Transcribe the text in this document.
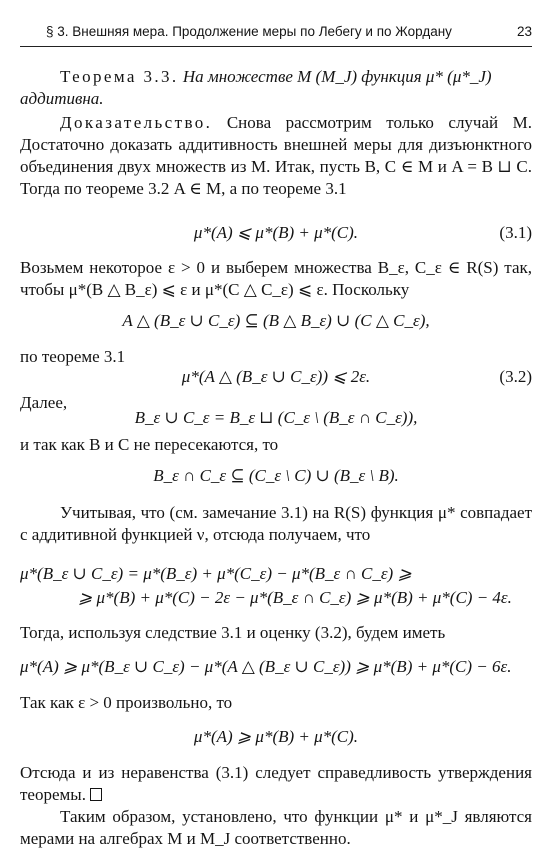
§ 3. Внешняя мера. Продолжение меры по Лебегу и по Жордану	23
Теорема 3.3. На множестве M (M_J) функция μ* (μ*_J) аддитивна.
Доказательство. Снова рассмотрим только случай M. Достаточно доказать аддитивность внешней меры для дизъюнктного объединения двух множеств из M. Итак, пусть B, C ∈ M и A = B ⊔ C. Тогда по теореме 3.2 A ∈ M, а по теореме 3.1
μ*(A) ⩽ μ*(B) + μ*(C).	(3.1)
Возьмем некоторое ε > 0 и выберем множества B_ε, C_ε ∈ R(S) так, чтобы μ*(B △ B_ε) ⩽ ε и μ*(C △ C_ε) ⩽ ε. Поскольку
A △ (B_ε ∪ C_ε) ⊆ (B △ B_ε) ∪ (C △ C_ε),
по теореме 3.1
μ*(A △ (B_ε ∪ C_ε)) ⩽ 2ε.	(3.2)
Далее,
B_ε ∪ C_ε = B_ε ⊔ (C_ε \ (B_ε ∩ C_ε)),
и так как B и C не пересекаются, то
B_ε ∩ C_ε ⊆ (C_ε \ C) ∪ (B_ε \ B).
Учитывая, что (см. замечание 3.1) на R(S) функция μ* совпадает с аддитивной функцией ν, отсюда получаем, что
μ*(B_ε ∪ C_ε) = μ*(B_ε) + μ*(C_ε) − μ*(B_ε ∩ C_ε) ⩾
⩾ μ*(B) + μ*(C) − 2ε − μ*(B_ε ∩ C_ε) ⩾ μ*(B) + μ*(C) − 4ε.
Тогда, используя следствие 3.1 и оценку (3.2), будем иметь
μ*(A) ⩾ μ*(B_ε ∪ C_ε) − μ*(A △ (B_ε ∪ C_ε)) ⩾ μ*(B) + μ*(C) − 6ε.
Так как ε > 0 произвольно, то
μ*(A) ⩾ μ*(B) + μ*(C).
Отсюда и из неравенства (3.1) следует справедливость утверждения теоремы.
Таким образом, установлено, что функции μ* и μ*_J являются мерами на алгебрах M и M_J соответственно.
